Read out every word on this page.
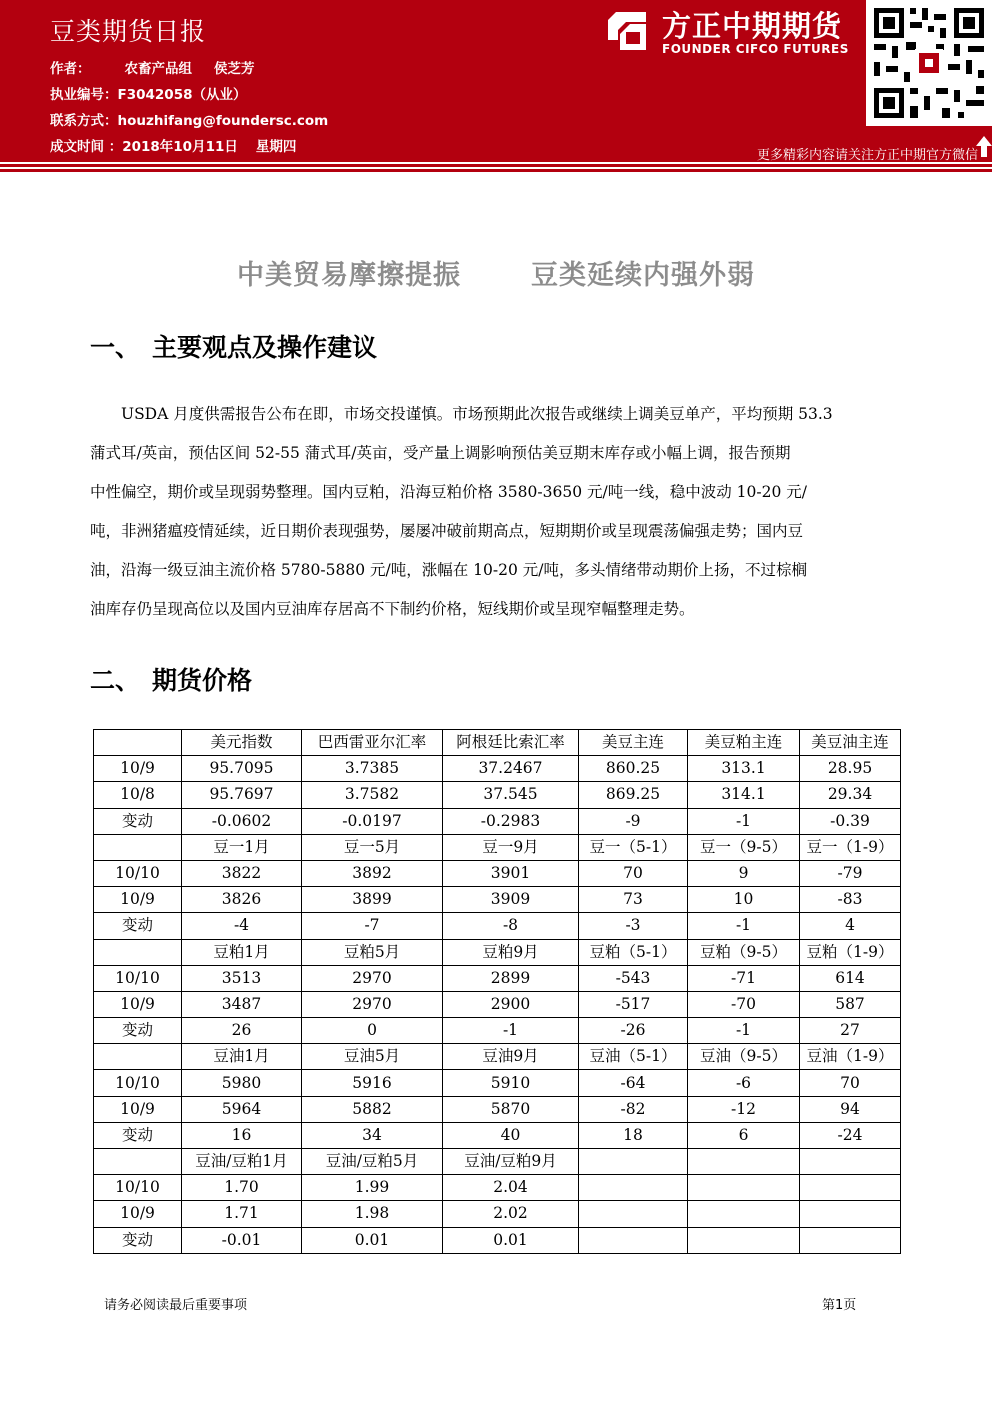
豆类期货日报
作者：	农畜产品组 侯芝芳
执业编号：F3042058（从业）
联系方式：houzhifang@foundersc.com
成文时间 ：2018年10月11日 星期四
方正中期期货
FOUNDER CIFCO FUTURES
更多精彩内容请关注方正中期官方微信
中美贸易摩擦提振	豆类延续内强外弱
一、 主要观点及操作建议
USDA 月度供需报告公布在即，市场交投谨慎。市场预期此次报告或继续上调美豆单产，平均预期 53.3
蒲式耳/英亩，预估区间 52-55 蒲式耳/英亩，受产量上调影响预估美豆期末库存或小幅上调，报告预期
中性偏空，期价或呈现弱势整理。国内豆粕，沿海豆粕价格 3580-3650 元/吨一线，稳中波动 10-20 元/
吨，非洲猪瘟疫情延续，近日期价表现强势，屡屡冲破前期高点，短期期价或呈现震荡偏强走势；国内豆
油，沿海一级豆油主流价格 5780-5880 元/吨，涨幅在 10-20 元/吨，多头情绪带动期价上扬，不过棕榈
油库存仍呈现高位以及国内豆油库存居高不下制约价格，短线期价或呈现窄幅整理走势。
二、 期货价格
	美元指数	巴西雷亚尔汇率	阿根廷比索汇率	美豆主连	美豆粕主连	美豆油主连
10/9	95.7095	3.7385	37.2467	860.25	313.1	28.95
10/8	95.7697	3.7582	37.545	869.25	314.1	29.34
变动	-0.0602	-0.0197	-0.2983	-9	-1	-0.39
	豆一1月	豆一5月	豆一9月	豆一（5-1）	豆一（9-5）	豆一（1-9）
10/10	3822	3892	3901	70	9	-79
10/9	3826	3899	3909	73	10	-83
变动	-4	-7	-8	-3	-1	4
	豆粕1月	豆粕5月	豆粕9月	豆粕（5-1）	豆粕（9-5）	豆粕（1-9）
10/10	3513	2970	2899	-543	-71	614
10/9	3487	2970	2900	-517	-70	587
变动	26	0	-1	-26	-1	27
	豆油1月	豆油5月	豆油9月	豆油（5-1）	豆油（9-5）	豆油（1-9）
10/10	5980	5916	5910	-64	-6	70
10/9	5964	5882	5870	-82	-12	94
变动	16	34	40	18	6	-24
	豆油/豆粕1月	豆油/豆粕5月	豆油/豆粕9月			
10/10	1.70	1.99	2.04			
10/9	1.71	1.98	2.02			
变动	-0.01	0.01	0.01			
请务必阅读最后重要事项	第1页
